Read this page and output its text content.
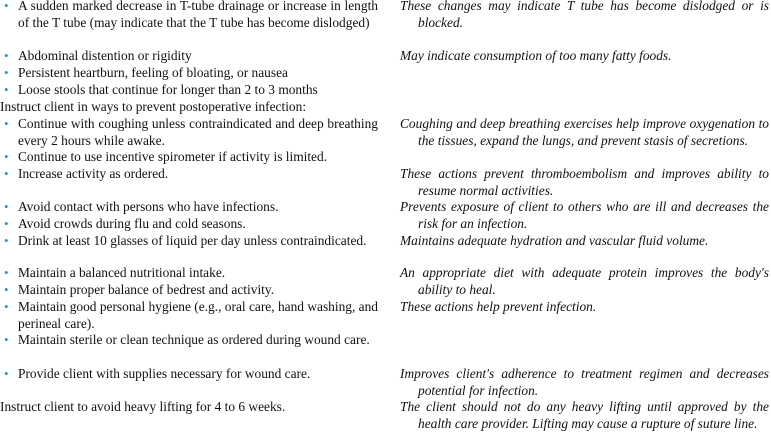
• A sudden marked decrease in T-tube drainage or increase in length of the T tube (may indicate that the T tube has become dislodged)
• Abdominal distention or rigidity
• Persistent heartburn, feeling of bloating, or nausea
• Loose stools that continue for longer than 2 to 3 months
Instruct client in ways to prevent postoperative infection:
• Continue with coughing unless contraindicated and deep breathing every 2 hours while awake.
• Continue to use incentive spirometer if activity is limited.
• Increase activity as ordered.
• Avoid contact with persons who have infections.
• Avoid crowds during flu and cold seasons.
• Drink at least 10 glasses of liquid per day unless contraindicated.
• Maintain a balanced nutritional intake.
• Maintain proper balance of bedrest and activity.
• Maintain good personal hygiene (e.g., oral care, hand washing, and perineal care).
• Maintain sterile or clean technique as ordered during wound care.
• Provide client with supplies necessary for wound care.
Instruct client to avoid heavy lifting for 4 to 6 weeks.
These changes may indicate T tube has become dislodged or is blocked.
May indicate consumption of too many fatty foods.
Coughing and deep breathing exercises help improve oxygenation to the tissues, expand the lungs, and prevent stasis of secretions.
These actions prevent thromboembolism and improves ability to resume normal activities.
Prevents exposure of client to others who are ill and decreases the risk for an infection.
Maintains adequate hydration and vascular fluid volume.
An appropriate diet with adequate protein improves the body's ability to heal.
These actions help prevent infection.
Improves client's adherence to treatment regimen and decreases potential for infection.
The client should not do any heavy lifting until approved by the health care provider. Lifting may cause a rupture of suture line.
